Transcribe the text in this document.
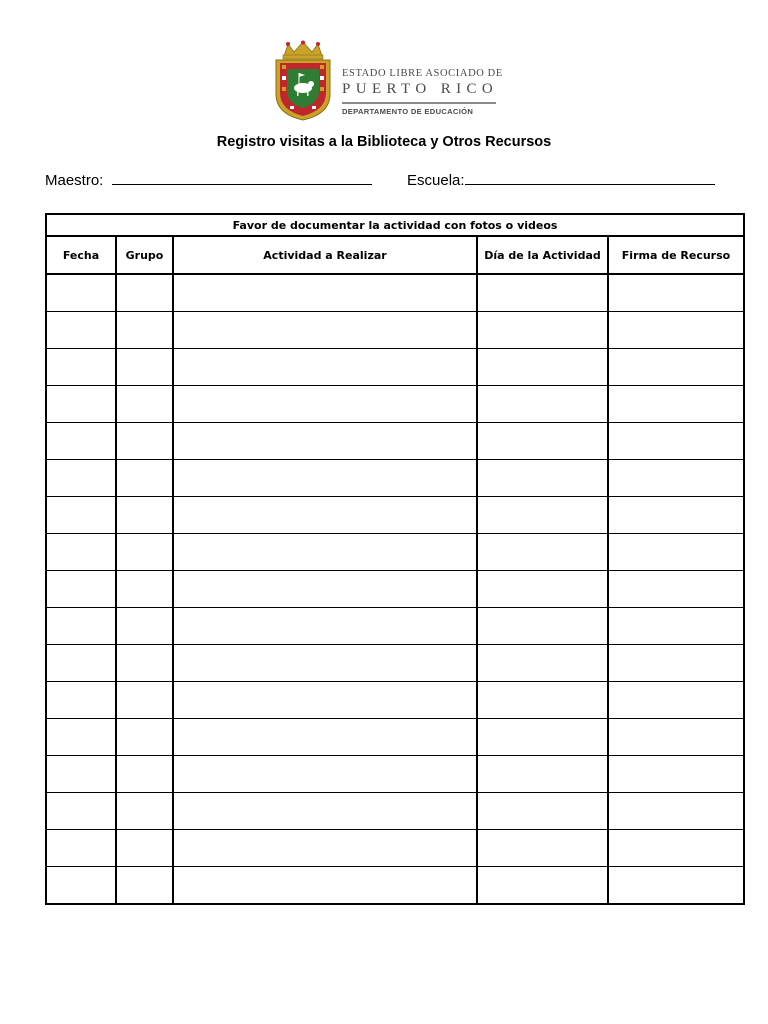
ESTADO LIBRE ASOCIADO DE
PUERTO RICO
DEPARTAMENTO DE EDUCACIÓN
Registro visitas a la Biblioteca y Otros Recursos
Maestro:	Escuela:
Favor de documentar la actividad con fotos o videos				
Fecha	Grupo	Actividad a Realizar	Día de la Actividad	Firma de Recurso
